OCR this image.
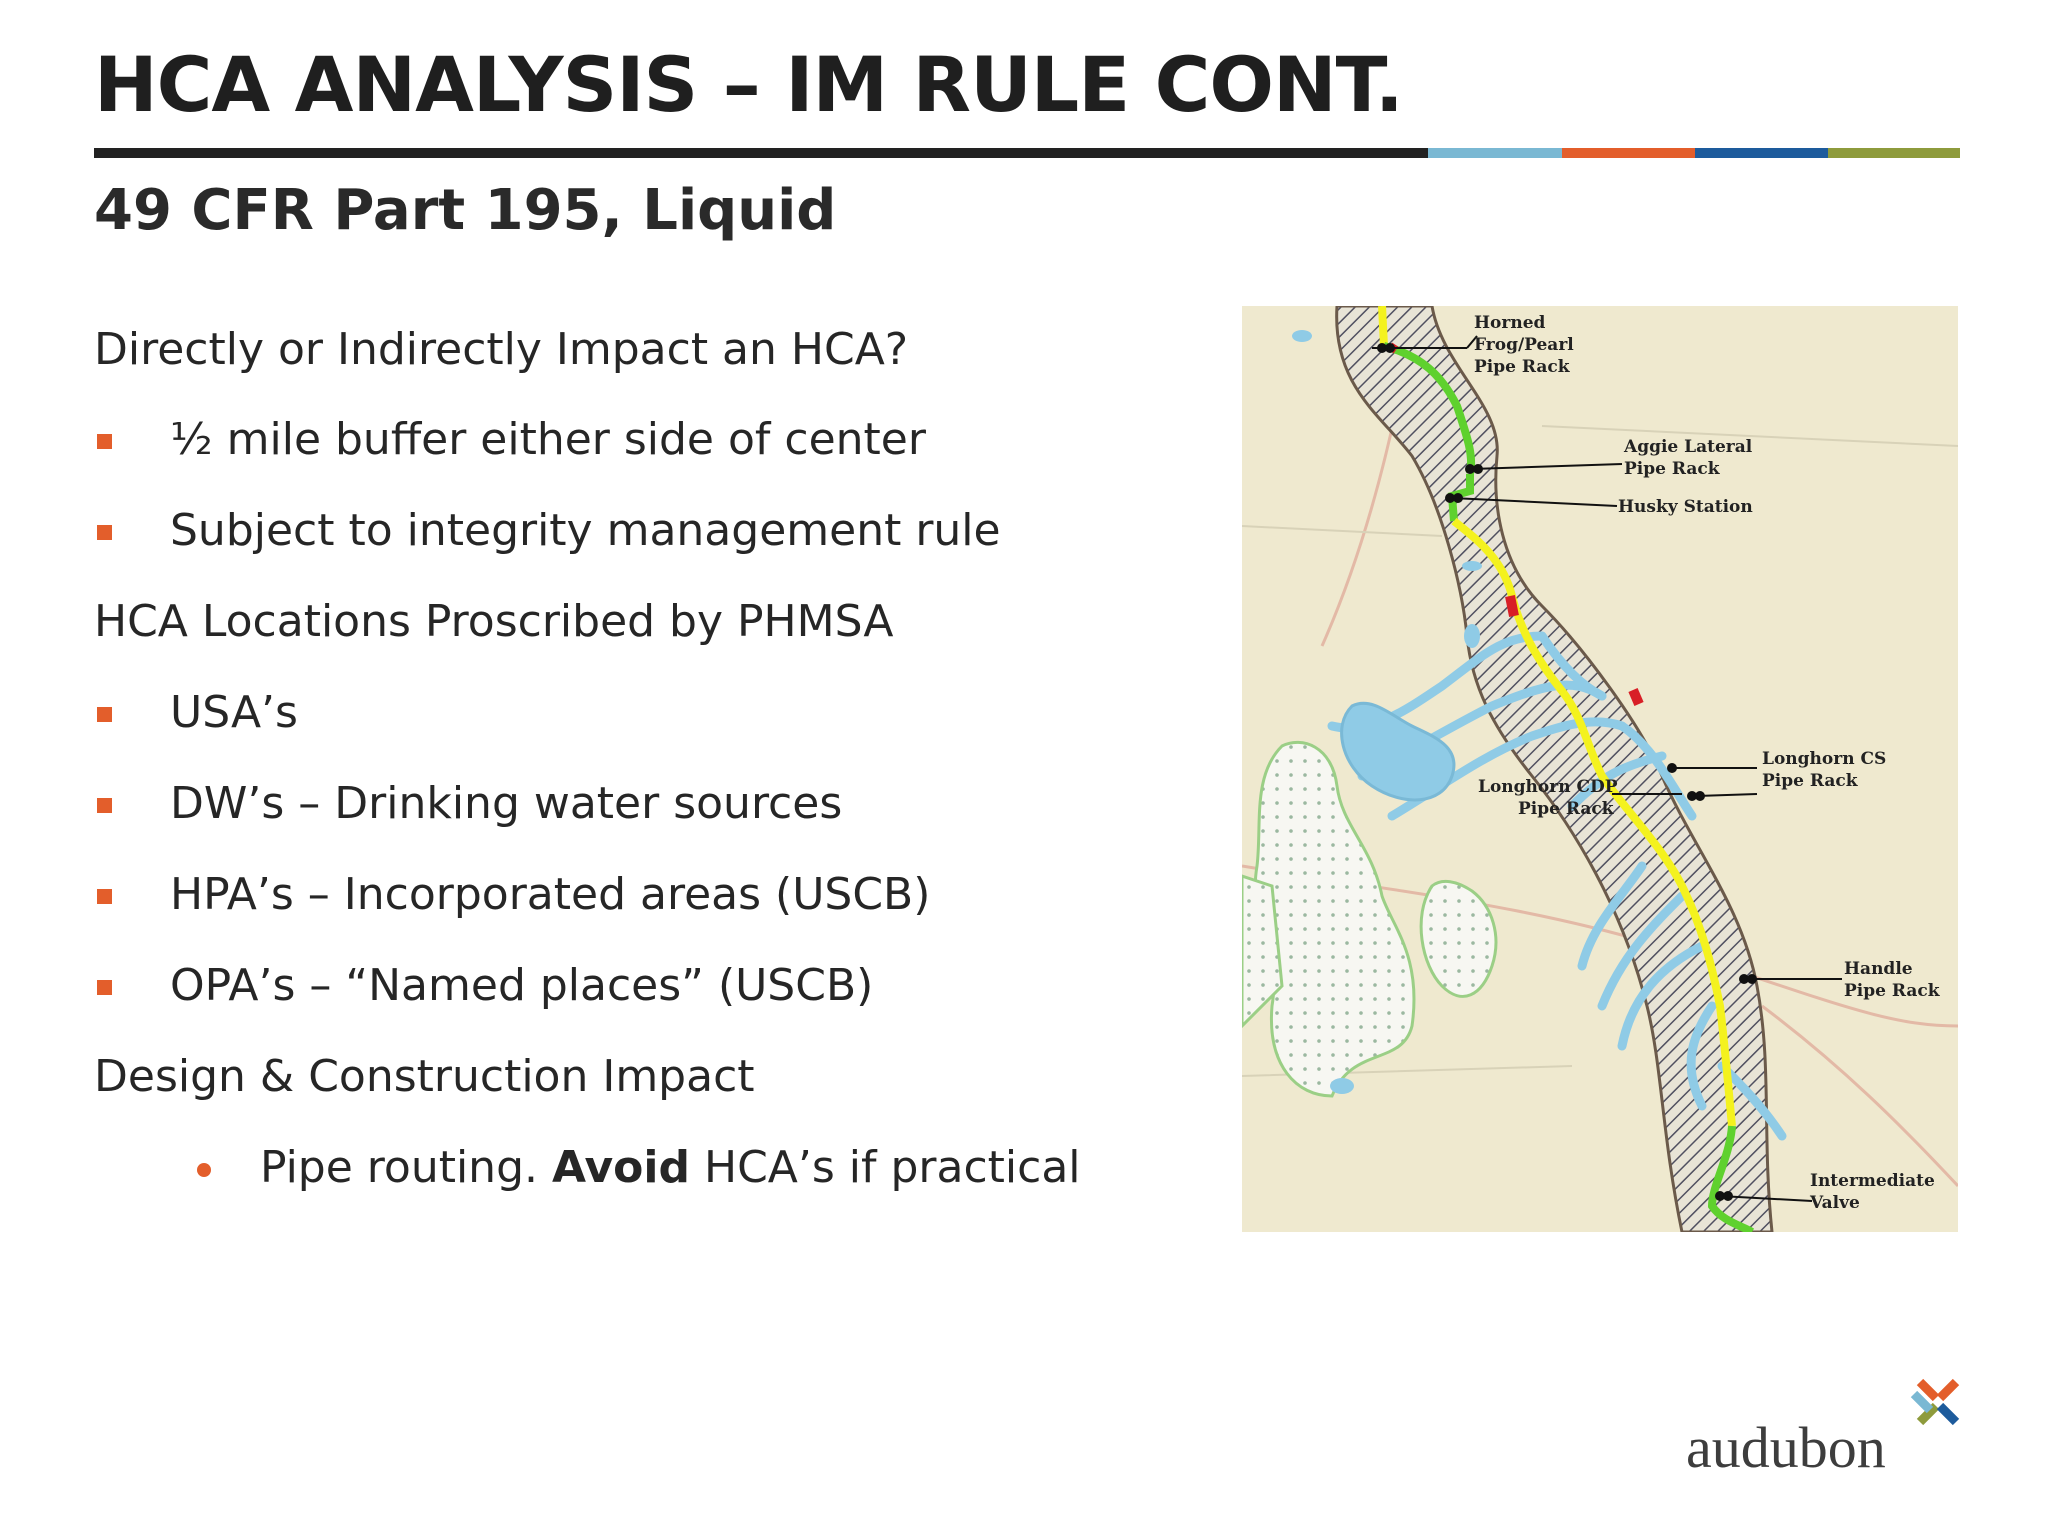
HCA ANALYSIS – IM RULE CONT.
49 CFR Part 195, Liquid
Directly or Indirectly Impact an HCA?
½ mile buffer either side of center
Subject to integrity management rule
HCA Locations Proscribed by PHMSA
USA’s
DW’s – Drinking water sources
HPA’s – Incorporated areas (USCB)
OPA’s – “Named places” (USCB)
Design & Construction Impact
Pipe routing. Avoid HCA’s if practical
Horned
Frog/Pearl
Pipe Rack
Aggie Lateral
Pipe Rack
Husky Station
Longhorn CS
Pipe Rack
Longhorn CDP
Pipe Rack
Handle
Pipe Rack
Intermediate
Valve
audubon
